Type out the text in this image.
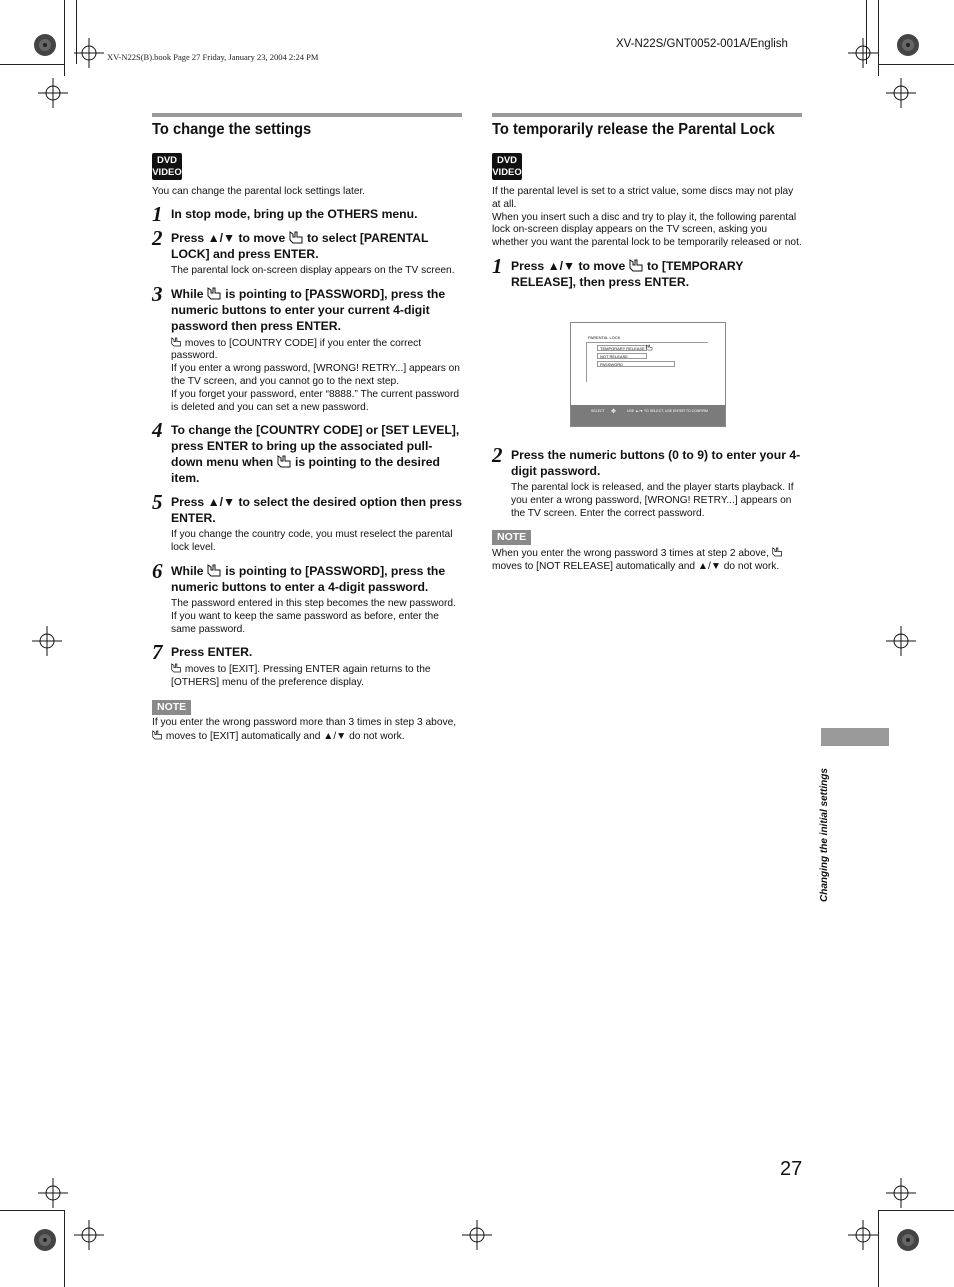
XV-N22S(B).book Page 27 Friday, January 23, 2004 2:24 PM
XV-N22S/GNT0052-001A/English
To change the settings
DVD
VIDEO

You can change the parental lock settings later.

1 In stop mode, bring up the OTHERS menu.

2 Press ▲/▼ to move  to select [PARENTAL LOCK] and press ENTER.

The parental lock on-screen display appears on the TV screen.

3 While  is pointing to [PASSWORD], press the numeric buttons to enter your current 4-digit password then press ENTER.

moves to [COUNTRY CODE] if you enter the correct password.

If you enter a wrong password, [WRONG! RETRY...] appears on the TV screen, and you cannot go to the next step.

If you forget your password, enter “8888.” The current password is deleted and you can set a new password.

4 To change the [COUNTRY CODE] or [SET LEVEL], press ENTER to bring up the associated pull-down menu when  is pointing to the desired item.

5 Press ▲/▼ to select the desired option then press ENTER.

If you change the country code, you must reselect the parental lock level.

6 While  is pointing to [PASSWORD], press the numeric buttons to enter a 4-digit password.

The password entered in this step becomes the new password. If you want to keep the same password as before, enter the same password.

7 Press ENTER.

moves to [EXIT]. Pressing ENTER again returns to the [OTHERS] menu of the preference display.

NOTE

If you enter the wrong password more than 3 times in step 3 above,  moves to [EXIT] automatically and ▲/▼ do not work.

To temporarily release the Parental Lock
DVD
VIDEO

If the parental level is set to a strict value, some discs may not play at all.

When you insert such a disc and try to play it, the following parental lock on-screen display appears on the TV screen, asking you whether you want the parental lock to be temporarily released or not.

1 Press ▲/▼ to move  to [TEMPORARY RELEASE], then press ENTER.

PARENTAL LOCK
TEMPORARY RELEASE
NOT RELEASE
PASSWORD
SELECT ✥	USE ▲/▼ TO SELECT, USE ENTER TO CONFIRM
2 Press the numeric buttons (0 to 9) to enter your 4-digit password.

The parental lock is released, and the player starts playback. If you enter a wrong password, [WRONG! RETRY...] appears on the TV screen. Enter the correct password.

NOTE

When you enter the wrong password 3 times at step 2 above,  moves to [NOT RELEASE] automatically and ▲/▼ do not work.

Changing the initial settings
27
